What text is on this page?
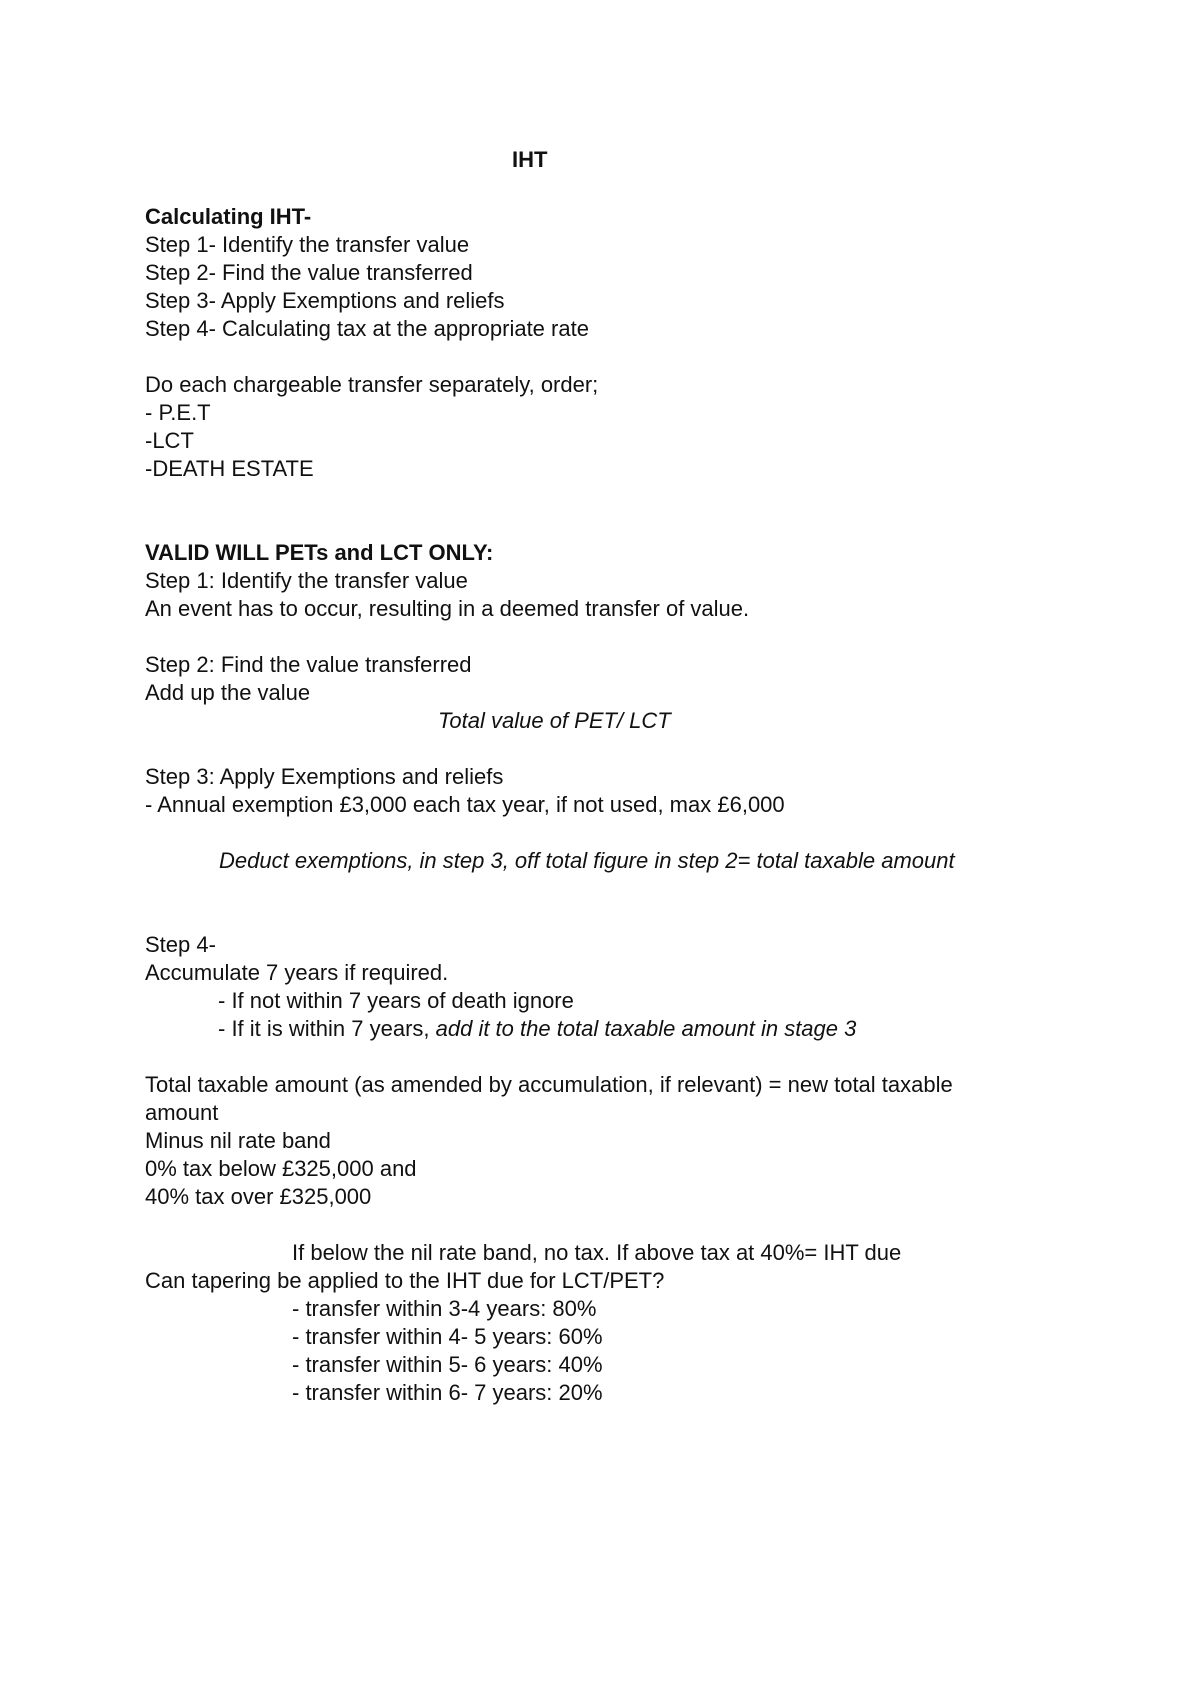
IHT
Calculating IHT-
Step 1- Identify the transfer value
Step 2- Find the value transferred
Step 3- Apply Exemptions and reliefs
Step 4- Calculating tax at the appropriate rate
Do each chargeable transfer separately, order;
- P.E.T
-LCT
-DEATH ESTATE
VALID WILL PETs and LCT ONLY:
Step 1: Identify the transfer value
An event has to occur, resulting in a deemed transfer of value.
Step 2: Find the value transferred
Add up the value
Total value of PET/ LCT
Step 3: Apply Exemptions and reliefs
- Annual exemption £3,000 each tax year, if not used, max £6,000
Deduct exemptions, in step 3, off total figure in step 2= total taxable amount
Step 4-
Accumulate 7 years if required.
- If not within 7 years of death ignore
- If it is within 7 years, add it to the total taxable amount in stage 3
Total taxable amount (as amended by accumulation, if relevant) = new total taxable
amount
Minus nil rate band
0% tax below £325,000 and
40% tax over £325,000
If below the nil rate band, no tax. If above tax at 40%= IHT due
Can tapering be applied to the IHT due for LCT/PET?
- transfer within 3-4 years: 80%
- transfer within 4- 5 years: 60%
- transfer within 5- 6 years: 40%
- transfer within 6- 7 years: 20%
